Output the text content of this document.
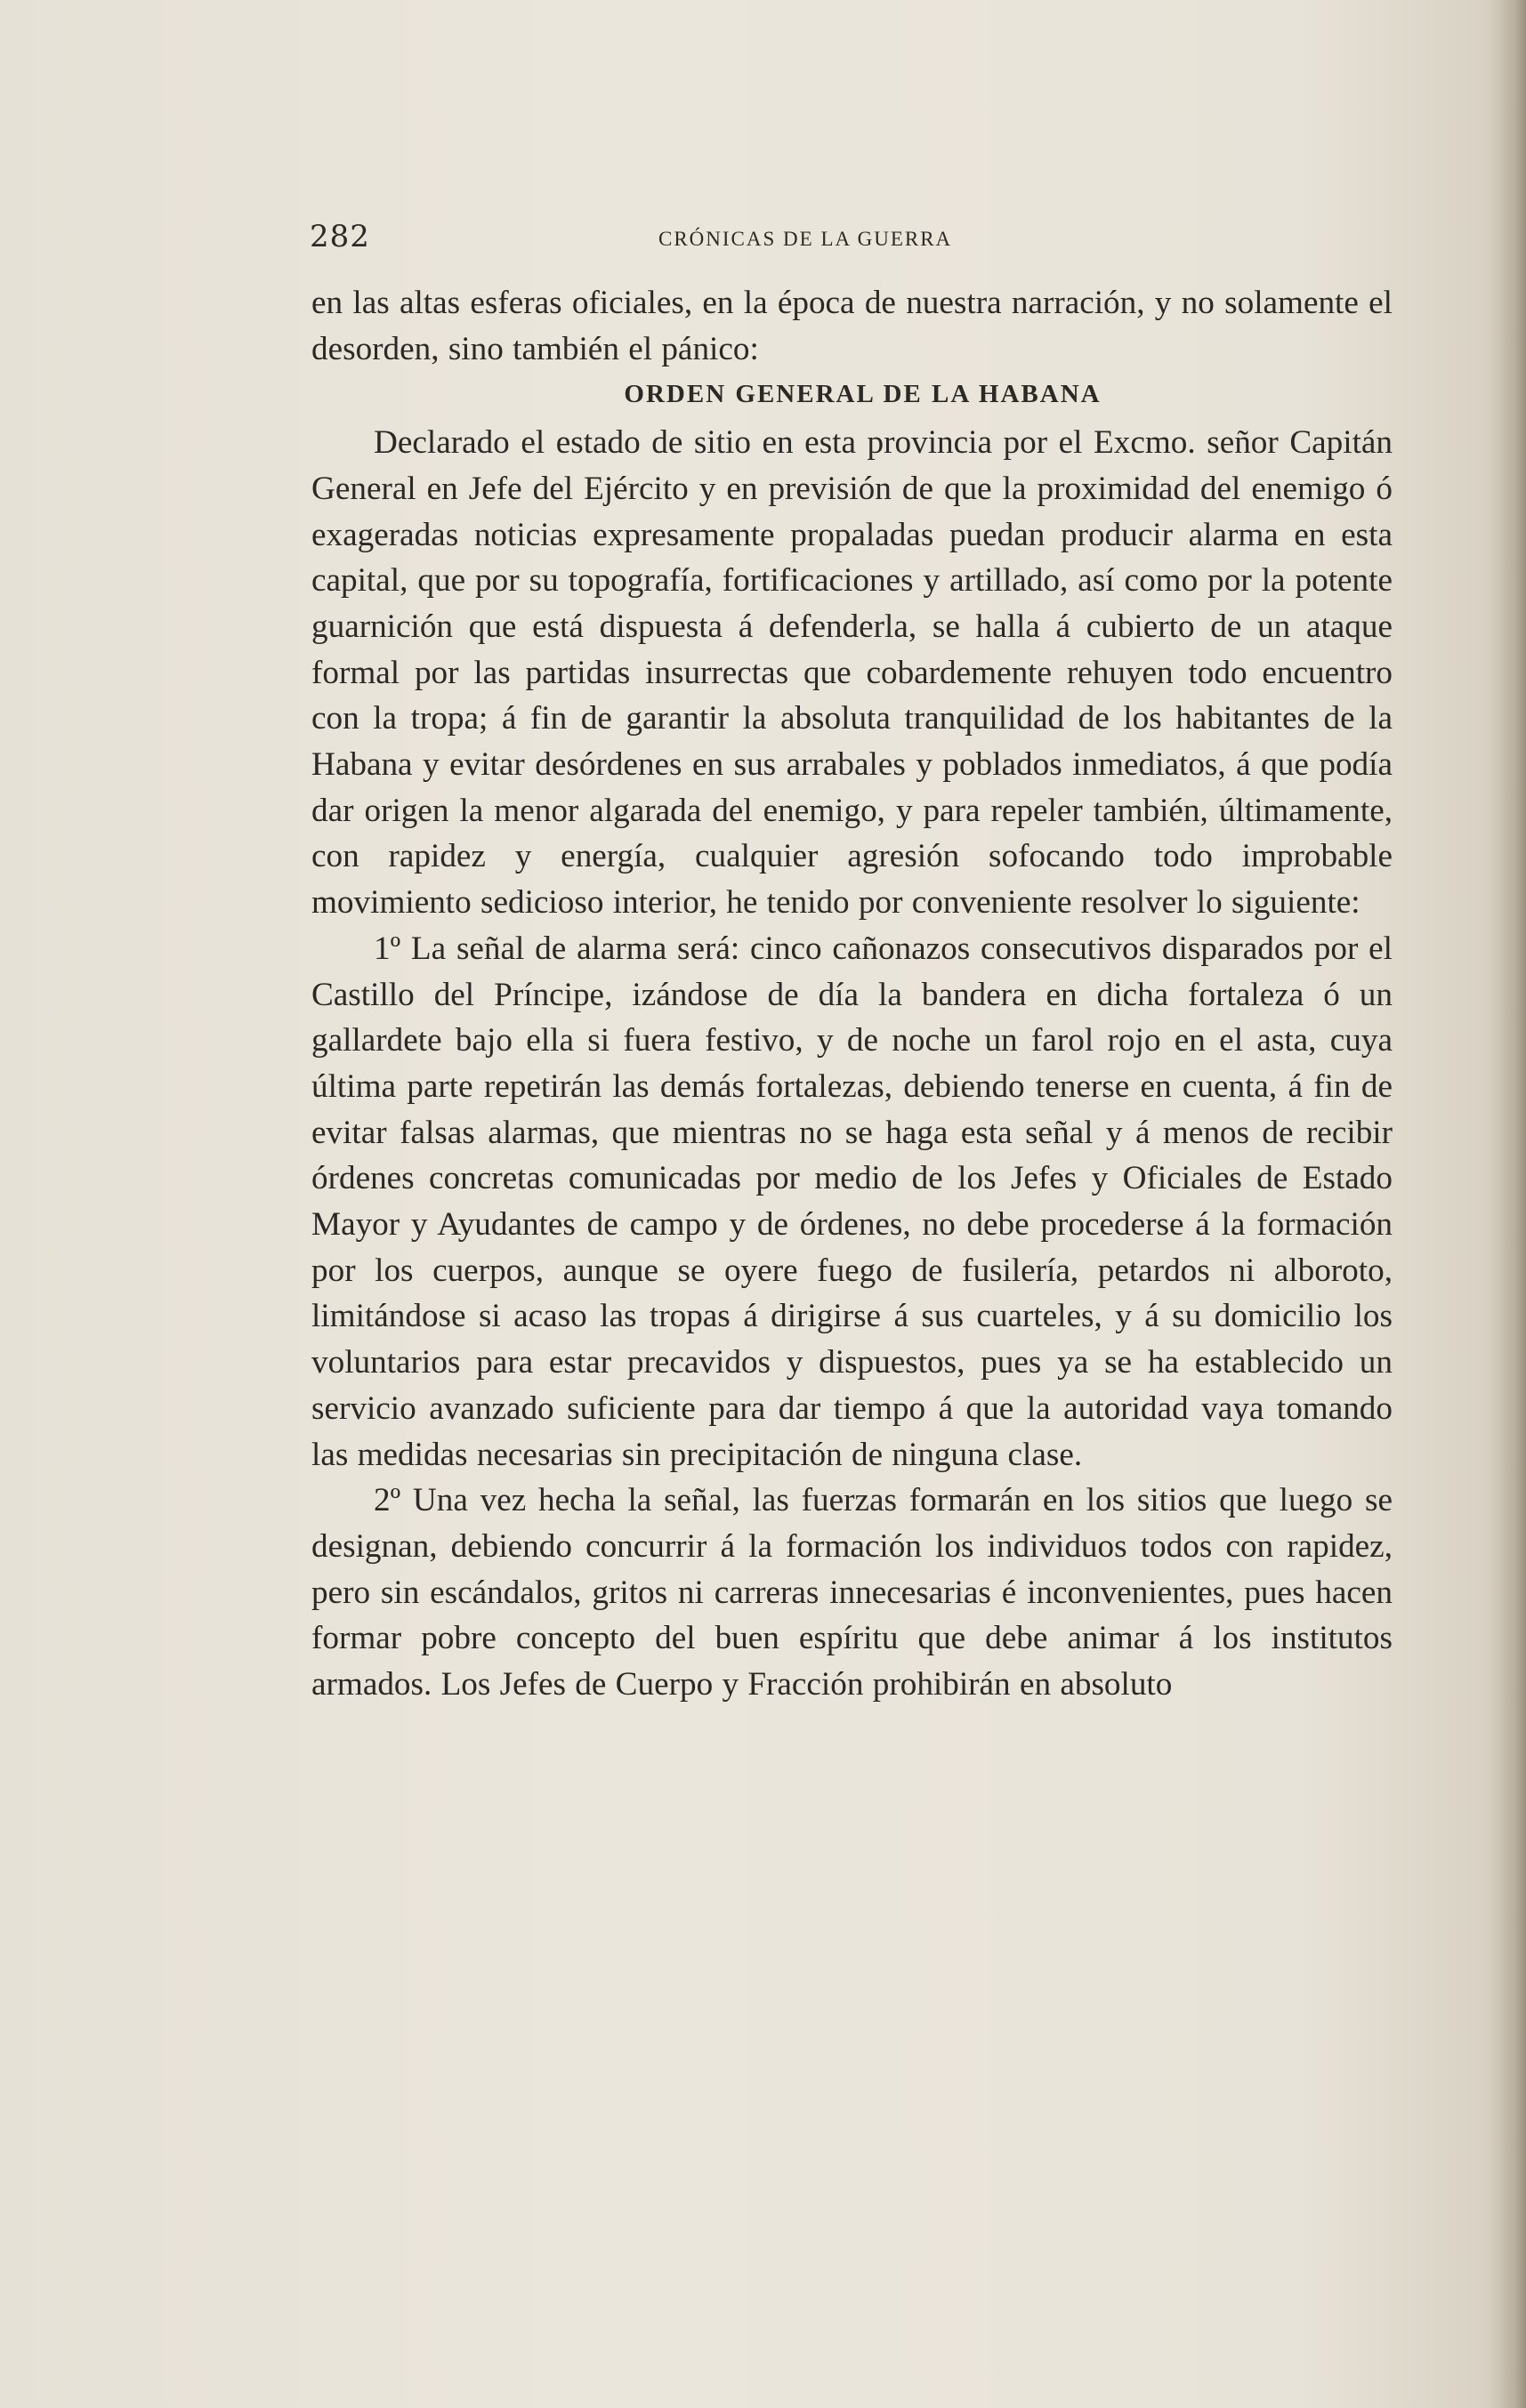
282	CRÓNICAS DE LA GUERRA

en las altas esferas oficiales, en la época de nuestra narración, y no solamente el desorden, sino también el pánico:

ORDEN GENERAL DE LA HABANA

Declarado el estado de sitio en esta provincia por el Excmo. señor Capitán General en Jefe del Ejército y en previsión de que la proximidad del enemigo ó exageradas noticias expresamente propaladas puedan producir alarma en esta capital, que por su topografía, fortificaciones y artillado, así como por la potente guarnición que está dispuesta á defenderla, se halla á cubierto de un ataque formal por las partidas insurrectas que cobardemente rehuyen todo encuentro con la tropa; á fin de garantir la absoluta tranquilidad de los habitantes de la Habana y evitar desórdenes en sus arrabales y poblados inmediatos, á que podía dar origen la menor algarada del enemigo, y para repeler también, últimamente, con rapidez y energía, cualquier agresión sofocando todo improbable movimiento sedicioso interior, he tenido por conveniente resolver lo siguiente:

1º La señal de alarma será: cinco cañonazos consecutivos disparados por el Castillo del Príncipe, izándose de día la bandera en dicha fortaleza ó un gallardete bajo ella si fuera festivo, y de noche un farol rojo en el asta, cuya última parte repetirán las demás fortalezas, debiendo tenerse en cuenta, á fin de evitar falsas alarmas, que mientras no se haga esta señal y á menos de recibir órdenes concretas comunicadas por medio de los Jefes y Oficiales de Estado Mayor y Ayudantes de campo y de órdenes, no debe procederse á la formación por los cuerpos, aunque se oyere fuego de fusilería, petardos ni alboroto, limitándose si acaso las tropas á dirigirse á sus cuarteles, y á su domicilio los voluntarios para estar precavidos y dispuestos, pues ya se ha establecido un servicio avanzado suficiente para dar tiempo á que la autoridad vaya tomando las medidas necesarias sin precipitación de ninguna clase.

2º Una vez hecha la señal, las fuerzas formarán en los sitios que luego se designan, debiendo concurrir á la formación los individuos todos con rapidez, pero sin escándalos, gritos ni carreras innecesarias é inconvenientes, pues hacen formar pobre concepto del buen espíritu que debe animar á los institutos armados. Los Jefes de Cuerpo y Fracción prohibirán en absoluto
